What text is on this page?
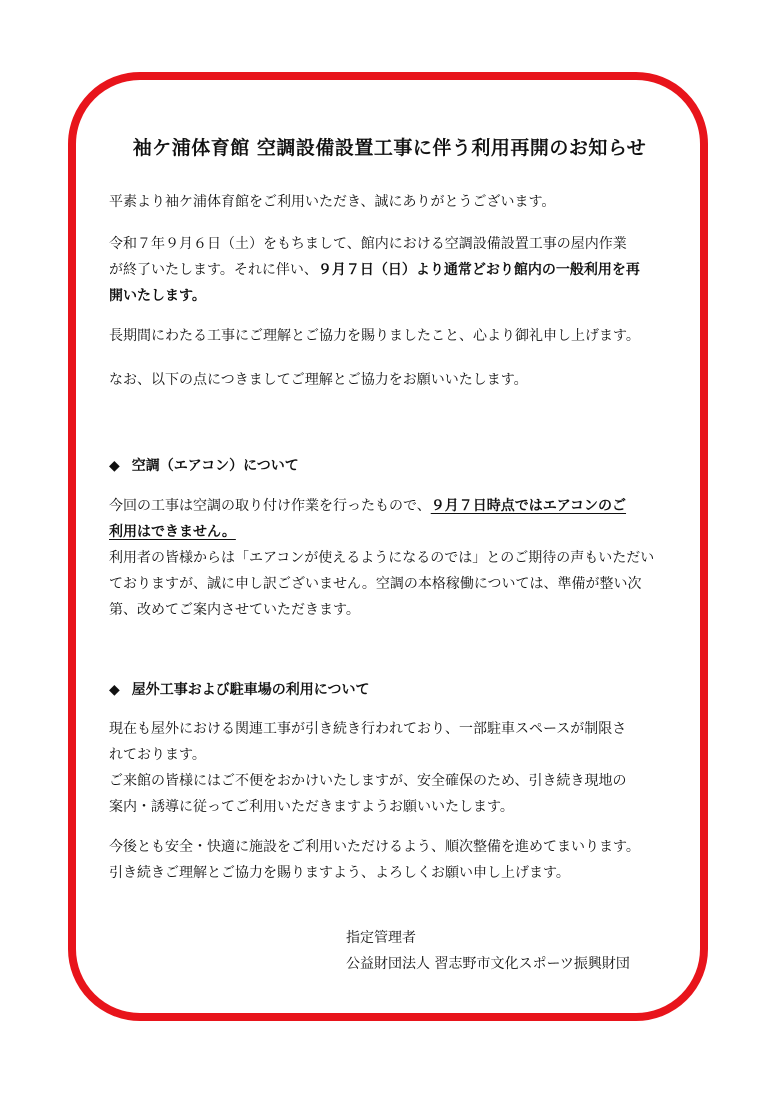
袖ケ浦体育館 空調設備設置工事に伴う利用再開のお知らせ
平素より袖ケ浦体育館をご利用いただき、誠にありがとうございます。
令和７年９月６日（土）をもちまして、館内における空調設備設置工事の屋内作業
が終了いたします。それに伴い、９月７日（日）より通常どおり館内の一般利用を再
開いたします。
長期間にわたる工事にご理解とご協力を賜りましたこと、心より御礼申し上げます。
なお、以下の点につきましてご理解とご協力をお願いいたします。
◆ 空調（エアコン）について
今回の工事は空調の取り付け作業を行ったもので、９月７日時点ではエアコンのご
利用はできません。
利用者の皆様からは「エアコンが使えるようになるのでは」とのご期待の声もいただい
ておりますが、誠に申し訳ございません。空調の本格稼働については、準備が整い次
第、改めてご案内させていただきます。
◆ 屋外工事および駐車場の利用について
現在も屋外における関連工事が引き続き行われており、一部駐車スペースが制限さ
れております。
ご来館の皆様にはご不便をおかけいたしますが、安全確保のため、引き続き現地の
案内・誘導に従ってご利用いただきますようお願いいたします。
今後とも安全・快適に施設をご利用いただけるよう、順次整備を進めてまいります。
引き続きご理解とご協力を賜りますよう、よろしくお願い申し上げます。
指定管理者
公益財団法人 習志野市文化スポーツ振興財団
